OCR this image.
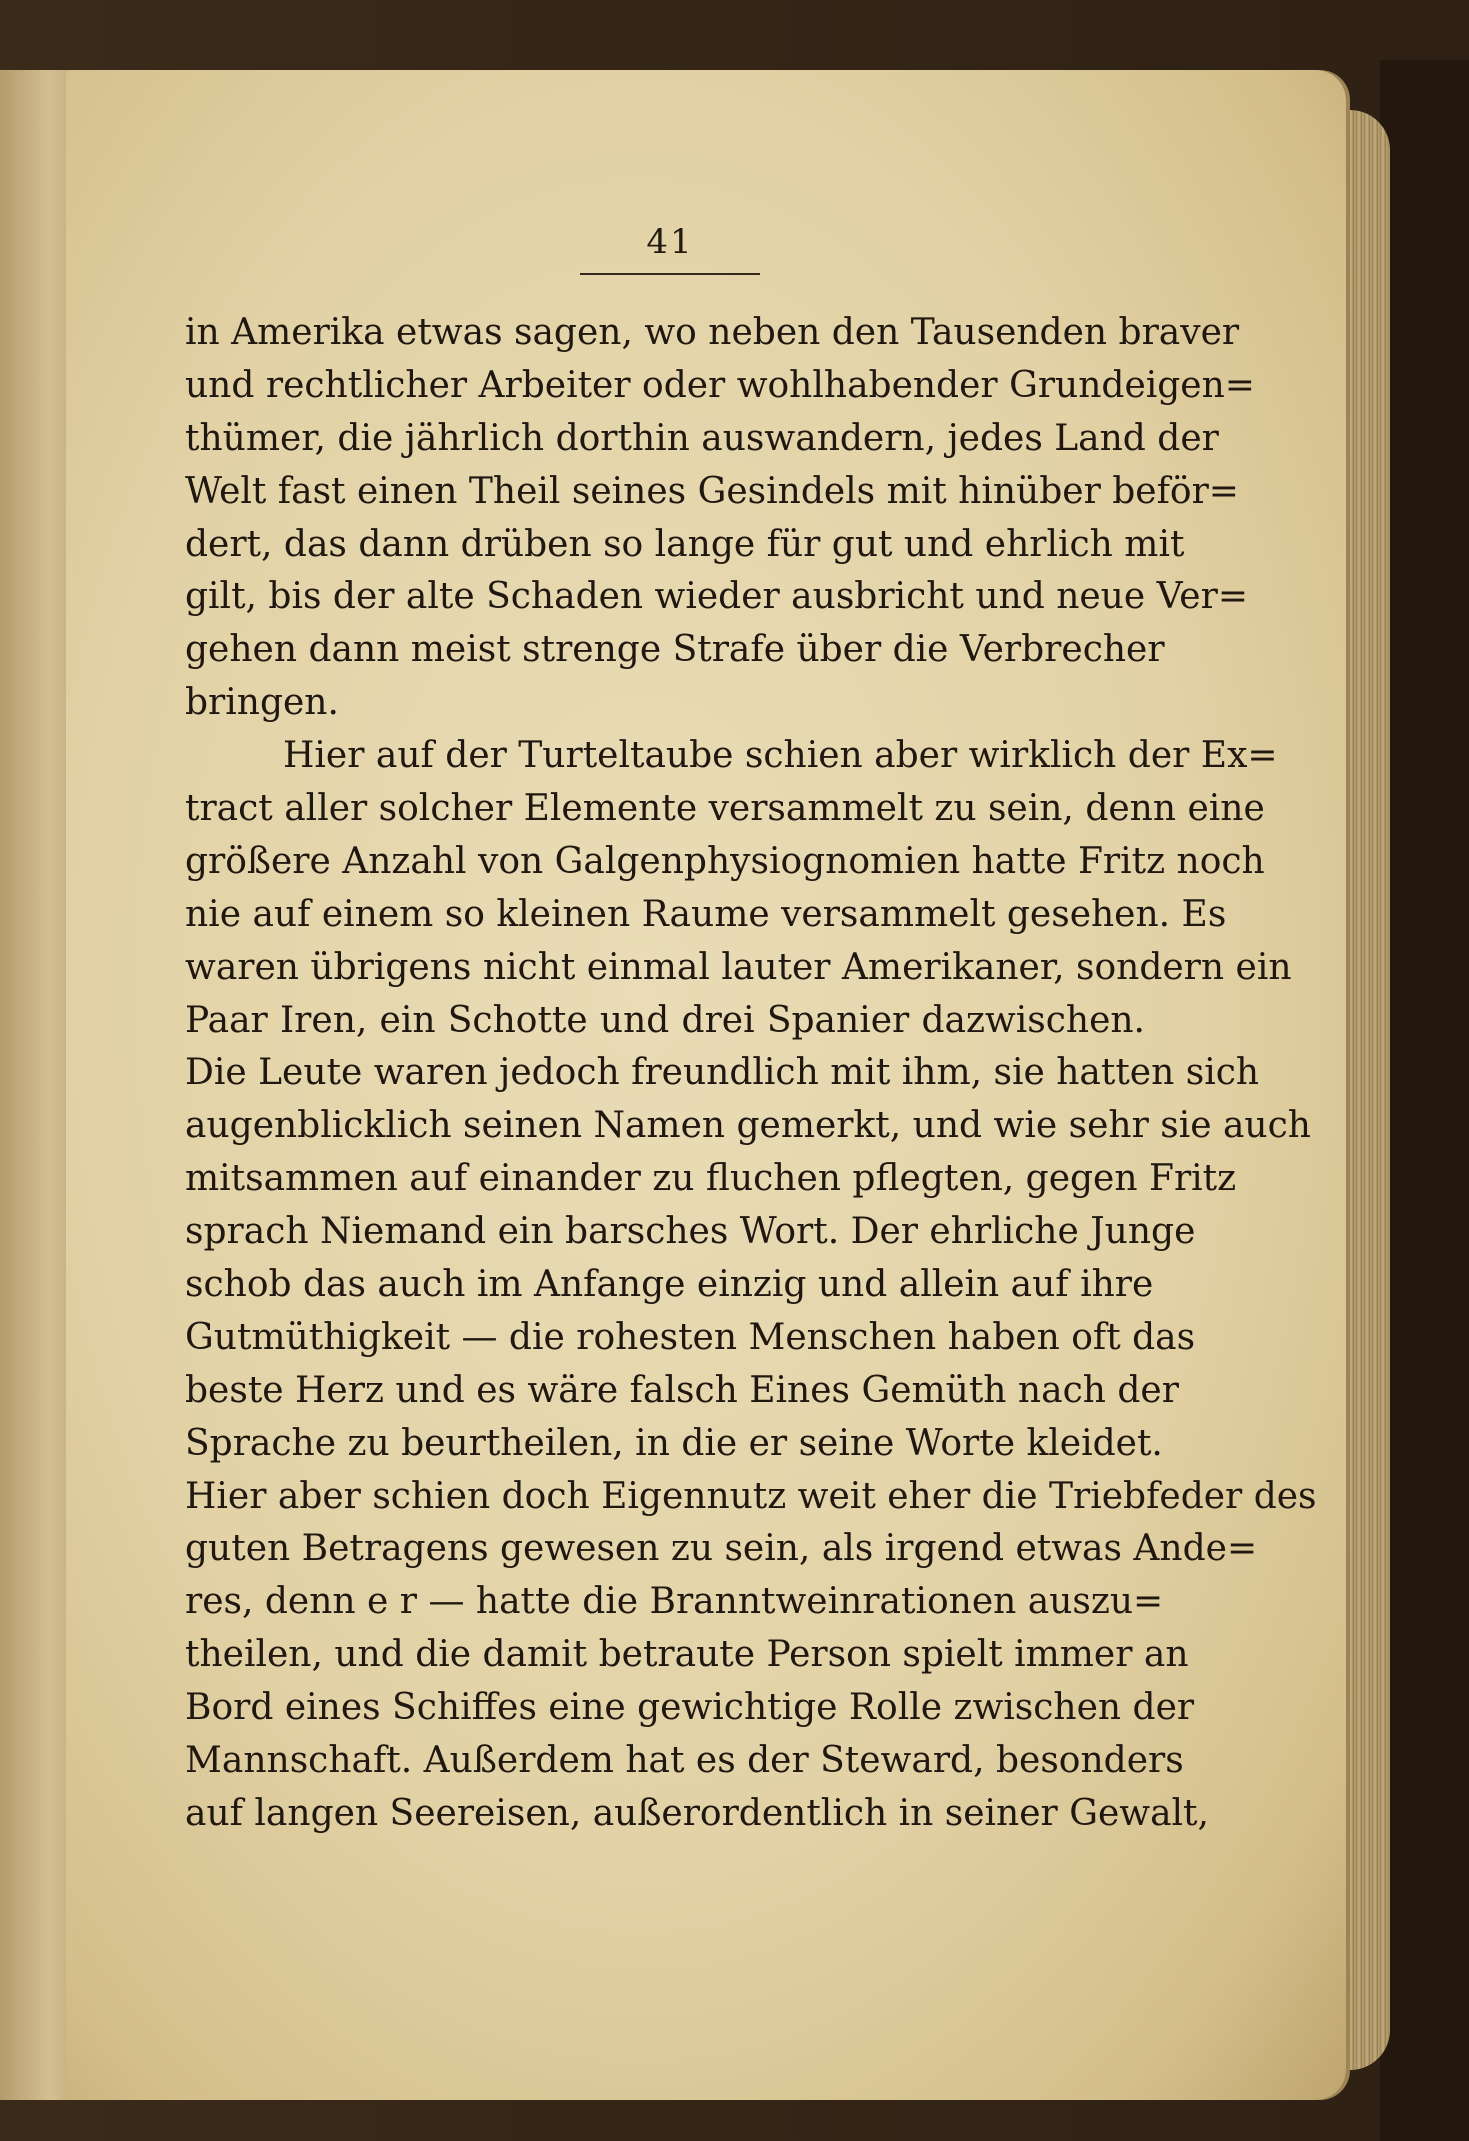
41
in Amerika etwas sagen, wo neben den Tausenden braver
und rechtlicher Arbeiter oder wohlhabender Grundeigen=
thümer, die jährlich dorthin auswandern, jedes Land der
Welt fast einen Theil seines Gesindels mit hinüber beför=
dert, das dann drüben so lange für gut und ehrlich mit
gilt, bis der alte Schaden wieder ausbricht und neue Ver=
gehen dann meist strenge Strafe über die Verbrecher
bringen.
Hier auf der Turteltaube schien aber wirklich der Ex=
tract aller solcher Elemente versammelt zu sein, denn eine
größere Anzahl von Galgenphysiognomien hatte Fritz noch
nie auf einem so kleinen Raume versammelt gesehen. Es
waren übrigens nicht einmal lauter Amerikaner, sondern ein
Paar Iren, ein Schotte und drei Spanier dazwischen.
Die Leute waren jedoch freundlich mit ihm, sie hatten sich
augenblicklich seinen Namen gemerkt, und wie sehr sie auch
mitsammen auf einander zu fluchen pflegten, gegen Fritz
sprach Niemand ein barsches Wort. Der ehrliche Junge
schob das auch im Anfange einzig und allein auf ihre
Gutmüthigkeit — die rohesten Menschen haben oft das
beste Herz und es wäre falsch Eines Gemüth nach der
Sprache zu beurtheilen, in die er seine Worte kleidet.
Hier aber schien doch Eigennutz weit eher die Triebfeder des
guten Betragens gewesen zu sein, als irgend etwas Ande=
res, denn e r — hatte die Branntweinrationen auszu=
theilen, und die damit betraute Person spielt immer an
Bord eines Schiffes eine gewichtige Rolle zwischen der
Mannschaft. Außerdem hat es der Steward, besonders
auf langen Seereisen, außerordentlich in seiner Gewalt,
